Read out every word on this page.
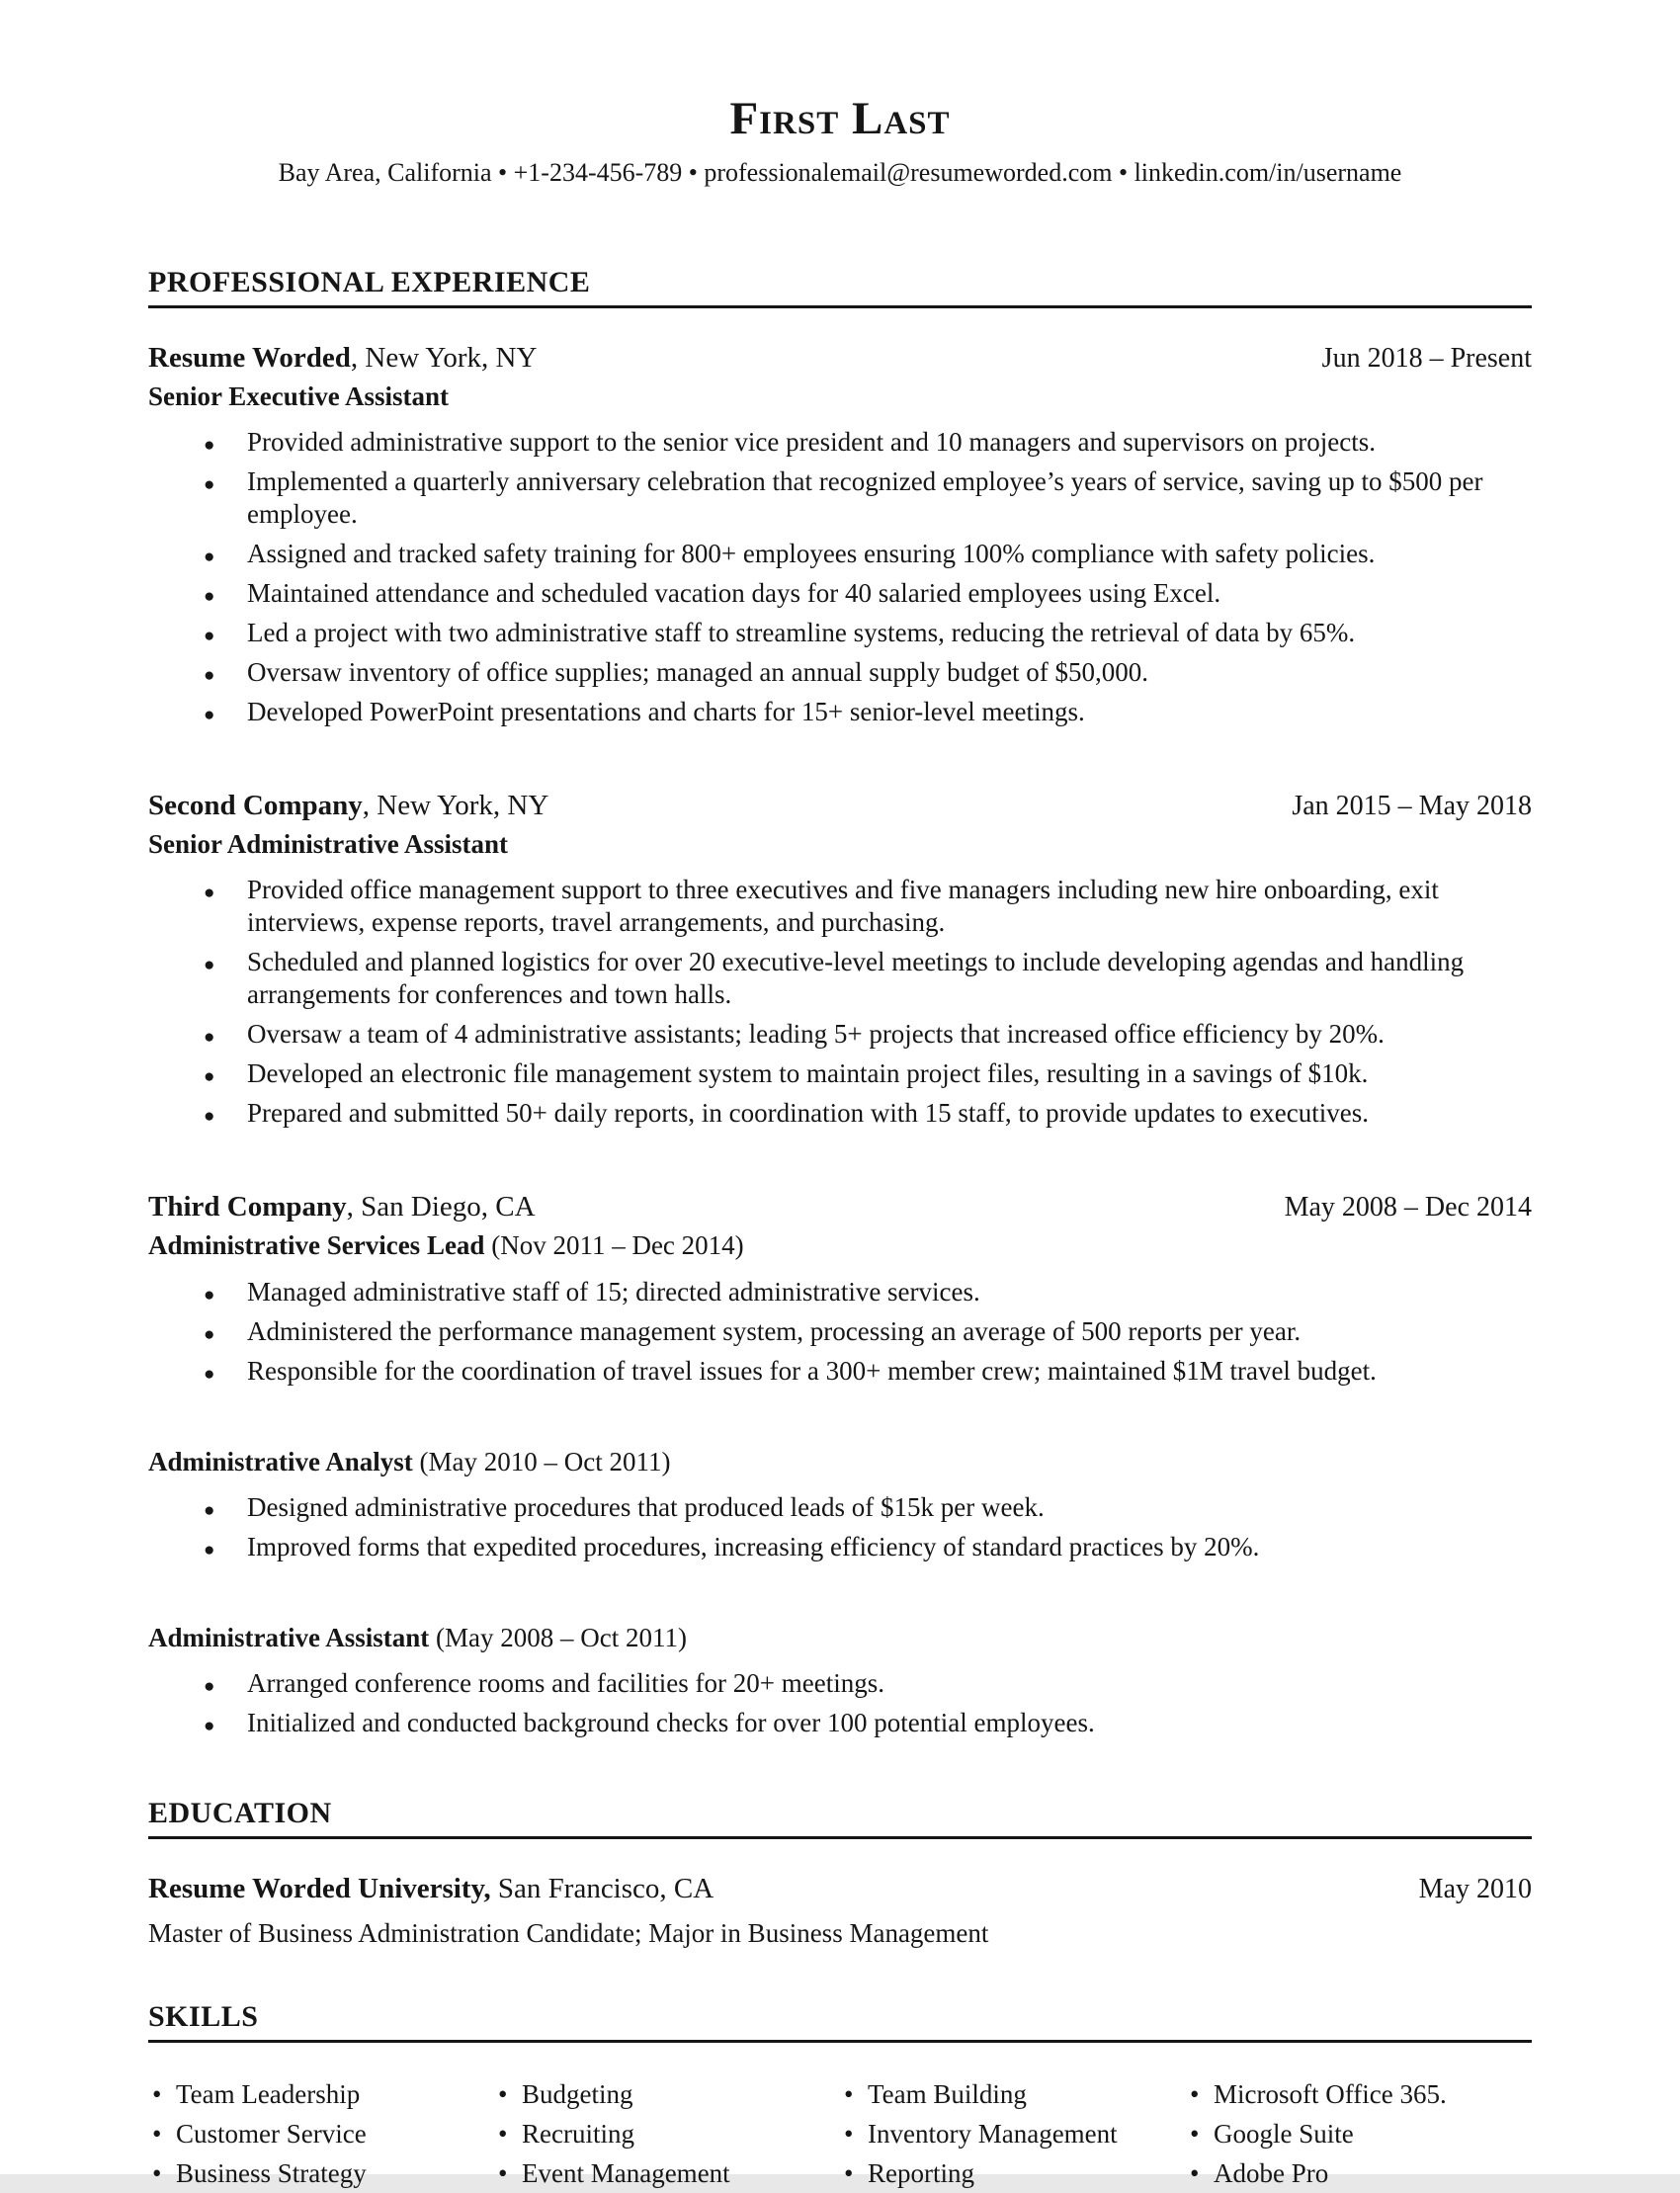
First Last
Bay Area, California • +1-234-456-789 • professionalemail@resumeworded.com • linkedin.com/in/username
PROFESSIONAL EXPERIENCE
Resume Worded, New York, NY	Jun 2018 – Present
Senior Executive Assistant
● Provided administrative support to the senior vice president and 10 managers and supervisors on projects.
● Implemented a quarterly anniversary celebration that recognized employee’s years of service, saving up to $500 per employee.
● Assigned and tracked safety training for 800+ employees ensuring 100% compliance with safety policies.
● Maintained attendance and scheduled vacation days for 40 salaried employees using Excel.
● Led a project with two administrative staff to streamline systems, reducing the retrieval of data by 65%.
● Oversaw inventory of office supplies; managed an annual supply budget of $50,000.
● Developed PowerPoint presentations and charts for 15+ senior-level meetings.
Second Company, New York, NY	Jan 2015 – May 2018
Senior Administrative Assistant
● Provided office management support to three executives and five managers including new hire onboarding, exit interviews, expense reports, travel arrangements, and purchasing.
● Scheduled and planned logistics for over 20 executive-level meetings to include developing agendas and handling arrangements for conferences and town halls.
● Oversaw a team of 4 administrative assistants; leading 5+ projects that increased office efficiency by 20%.
● Developed an electronic file management system to maintain project files, resulting in a savings of $10k.
● Prepared and submitted 50+ daily reports, in coordination with 15 staff, to provide updates to executives.
Third Company, San Diego, CA	May 2008 – Dec 2014
Administrative Services Lead (Nov 2011 – Dec 2014)
● Managed administrative staff of 15; directed administrative services.
● Administered the performance management system, processing an average of 500 reports per year.
● Responsible for the coordination of travel issues for a 300+ member crew; maintained $1M travel budget.
Administrative Analyst (May 2010 – Oct 2011)
● Designed administrative procedures that produced leads of $15k per week.
● Improved forms that expedited procedures, increasing efficiency of standard practices by 20%.
Administrative Assistant (May 2008 – Oct 2011)
● Arranged conference rooms and facilities for 20+ meetings.
● Initialized and conducted background checks for over 100 potential employees.
EDUCATION
Resume Worded University, San Francisco, CA	May 2010
Master of Business Administration Candidate; Major in Business Management
SKILLS
• Team Leadership
• Customer Service
• Business Strategy
• Budgeting
• Recruiting
• Event Management
• Team Building
• Inventory Management
• Reporting
• Microsoft Office 365.
• Google Suite
• Adobe Pro
